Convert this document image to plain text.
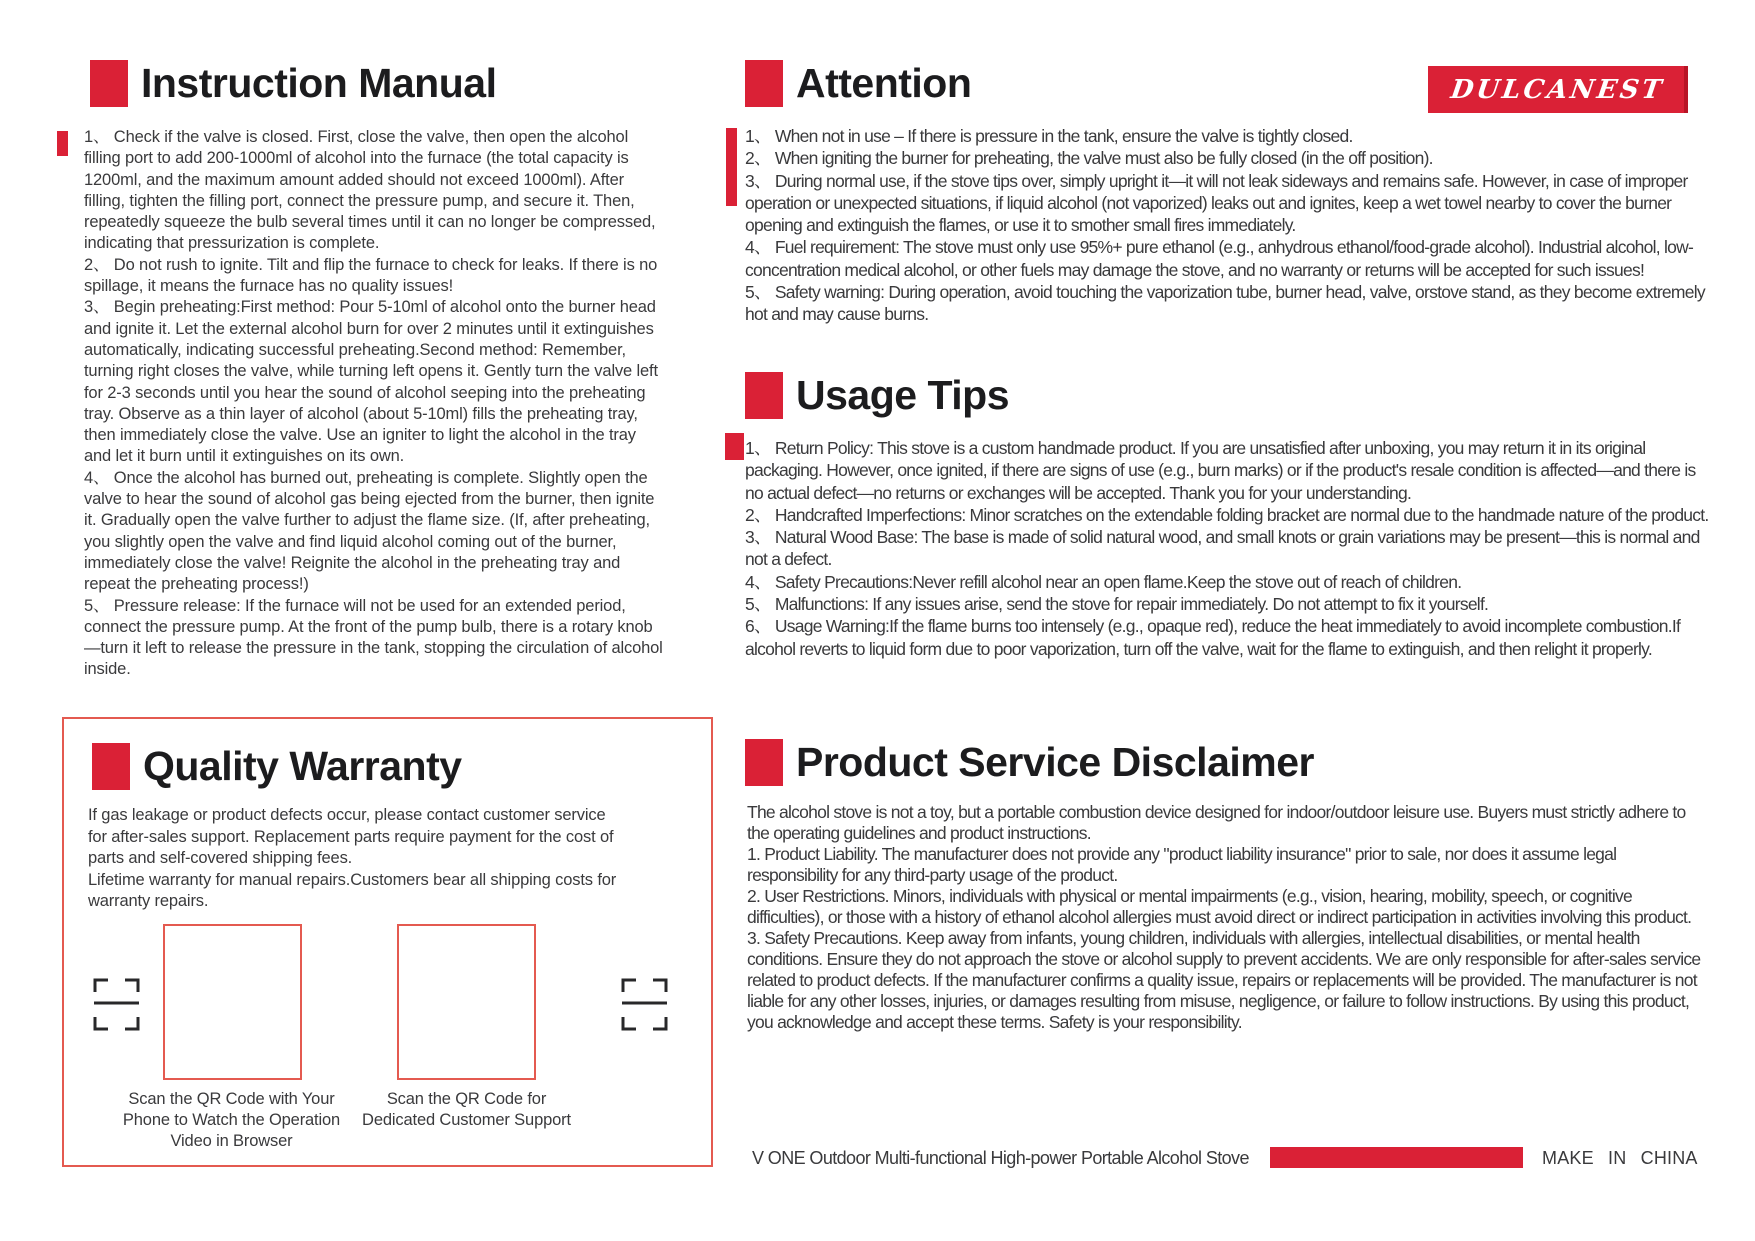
Instruction Manual

1、 Check if the valve is closed. First, close the valve, then open the alcohol filling port to add 200-1000ml of alcohol into the furnace (the total capacity is 1200ml, and the maximum amount added should not exceed 1000ml). After filling, tighten the filling port, connect the pressure pump, and secure it. Then, repeatedly squeeze the bulb several times until it can no longer be compressed, indicating that pressurization is complete.

2、 Do not rush to ignite. Tilt and flip the furnace to check for leaks. If there is no spillage, it means the furnace has no quality issues!

3、 Begin preheating:First method: Pour 5-10ml of alcohol onto the burner head and ignite it. Let the external alcohol burn for over 2 minutes until it extinguishes automatically, indicating successful preheating.Second method: Remember, turning right closes the valve, while turning left opens it. Gently turn the valve left for 2-3 seconds until you hear the sound of alcohol seeping into the preheating tray. Observe as a thin layer of alcohol (about 5-10ml) fills the preheating tray, then immediately close the valve. Use an igniter to light the alcohol in the tray and let it burn until it extinguishes on its own.

4、 Once the alcohol has burned out, preheating is complete. Slightly open the valve to hear the sound of alcohol gas being ejected from the burner, then ignite it. Gradually open the valve further to adjust the flame size. (If, after preheating, you slightly open the valve and find liquid alcohol coming out of the burner, immediately close the valve! Reignite the alcohol in the preheating tray and repeat the preheating process!)

5、 Pressure release: If the furnace will not be used for an extended period, connect the pressure pump. At the front of the pump bulb, there is a rotary knob—turn it left to release the pressure in the tank, stopping the circulation of alcohol inside.

Quality Warranty

If gas leakage or product defects occur, please contact customer service for after-sales support. Replacement parts require payment for the cost of parts and self-covered shipping fees.

Lifetime warranty for manual repairs.Customers bear all shipping costs for warranty repairs.

Scan the QR Code with Your Phone to Watch the Operation Video in Browser
Scan the QR Code for Dedicated Customer Support
Attention	DULCANEST

1、 When not in use – If there is pressure in the tank, ensure the valve is tightly closed.

2、 When igniting the burner for preheating, the valve must also be fully closed (in the off position).

3、 During normal use, if the stove tips over, simply upright it—it will not leak sideways and remains safe. However, in case of improper operation or unexpected situations, if liquid alcohol (not vaporized) leaks out and ignites, keep a wet towel nearby to cover the burner opening and extinguish the flames, or use it to smother small fires immediately.

4、 Fuel requirement: The stove must only use 95%+ pure ethanol (e.g., anhydrous ethanol/food-grade alcohol). Industrial alcohol, low-concentration medical alcohol, or other fuels may damage the stove, and no warranty or returns will be accepted for such issues!

5、 Safety warning: During operation, avoid touching the vaporization tube, burner head, valve, orstove stand, as they become extremely hot and may cause burns.

Usage Tips

1、 Return Policy: This stove is a custom handmade product. If you are unsatisfied after unboxing, you may return it in its original packaging. However, once ignited, if there are signs of use (e.g., burn marks) or if the product's resale condition is affected—and there is no actual defect—no returns or exchanges will be accepted. Thank you for your understanding.

2、 Handcrafted Imperfections: Minor scratches on the extendable folding bracket are normal due to the handmade nature of the product.

3、 Natural Wood Base: The base is made of solid natural wood, and small knots or grain variations may be present—this is normal and not a defect.

4、 Safety Precautions:Never refill alcohol near an open flame.Keep the stove out of reach of children.

5、 Malfunctions: If any issues arise, send the stove for repair immediately. Do not attempt to fix it yourself.

6、 Usage Warning:If the flame burns too intensely (e.g., opaque red), reduce the heat immediately to avoid incomplete combustion.If alcohol reverts to liquid form due to poor vaporization, turn off the valve, wait for the flame to extinguish, and then relight it properly.

Product Service Disclaimer

The alcohol stove is not a toy, but a portable combustion device designed for indoor/outdoor leisure use. Buyers must strictly adhere to the operating guidelines and product instructions.

1. Product Liability. The manufacturer does not provide any "product liability insurance" prior to sale, nor does it assume legal responsibility for any third-party usage of the product.

2. User Restrictions. Minors, individuals with physical or mental impairments (e.g., vision, hearing, mobility, speech, or cognitive difficulties), or those with a history of ethanol alcohol allergies must avoid direct or indirect participation in activities involving this product.

3. Safety Precautions. Keep away from infants, young children, individuals with allergies, intellectual disabilities, or mental health conditions. Ensure they do not approach the stove or alcohol supply to prevent accidents. We are only responsible for after-sales service related to product defects. If the manufacturer confirms a quality issue, repairs or replacements will be provided. The manufacturer is not liable for any other losses, injuries, or damages resulting from misuse, negligence, or failure to follow instructions. By using this product, you acknowledge and accept these terms. Safety is your responsibility.

V ONE Outdoor Multi-functional High-power Portable Alcohol Stove	MAKE IN CHINA
